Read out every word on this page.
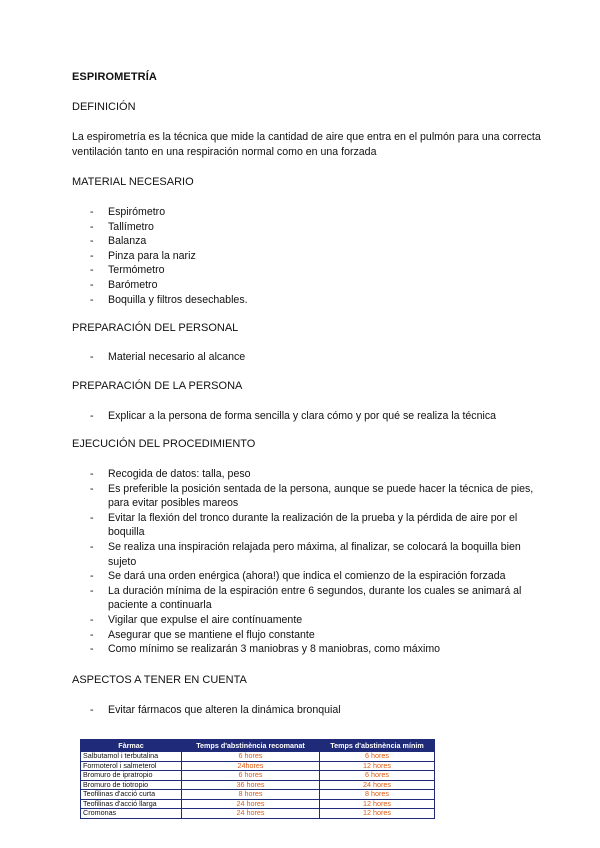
ESPIROMETRÍA
DEFINICIÓN
La espirometría es la técnica que mide la cantidad de aire que entra en el pulmón para una correcta ventilación tanto en una respiración normal como en una forzada
MATERIAL NECESARIO
- Espirómetro
- Tallímetro
- Balanza
- Pinza para la nariz
- Termómetro
- Barómetro
- Boquilla y filtros desechables.
PREPARACIÓN DEL PERSONAL
- Material necesario al alcance
PREPARACIÓN DE LA PERSONA
- Explicar a la persona de forma sencilla y clara cómo y por qué se realiza la técnica
EJECUCIÓN DEL PROCEDIMIENTO
- Recogida de datos: talla, peso
- Es preferible la posición sentada de la persona, aunque se puede hacer la técnica de pies, para evitar posibles mareos
- Evitar la flexión del tronco durante la realización de la prueba y la pérdida de aire por el boquilla
- Se realiza una inspiración relajada pero máxima, al finalizar, se colocará la boquilla bien sujeto
- Se dará una orden enérgica (ahora!) que indica el comienzo de la espiración forzada
- La duración mínima de la espiración entre 6 segundos, durante los cuales se animará al paciente a continuarla
- Vigilar que expulse el aire contínuamente
- Asegurar que se mantiene el flujo constante
- Como mínimo se realizarán 3 maniobras y 8 maniobras, como máximo
ASPECTOS A TENER EN CUENTA
- Evitar fármacos que alteren la dinámica bronquial
Fàrmac	Temps d'abstinència recomanat	Temps d'abstinència mínim
Salbutamol i terbutalina	6 hores	6 hores
Formoterol i salmeterol	24hores	12 hores
Bromuro de ipratropio	6 hores	6 hores
Bromuro de tiotropio	36 hores	24 hores
Teofilinas d'acció curta	8 hores	8 hores
Teofilinas d'acció llarga	24 hores	12 hores
Cromonas	24 hores	12 hores
